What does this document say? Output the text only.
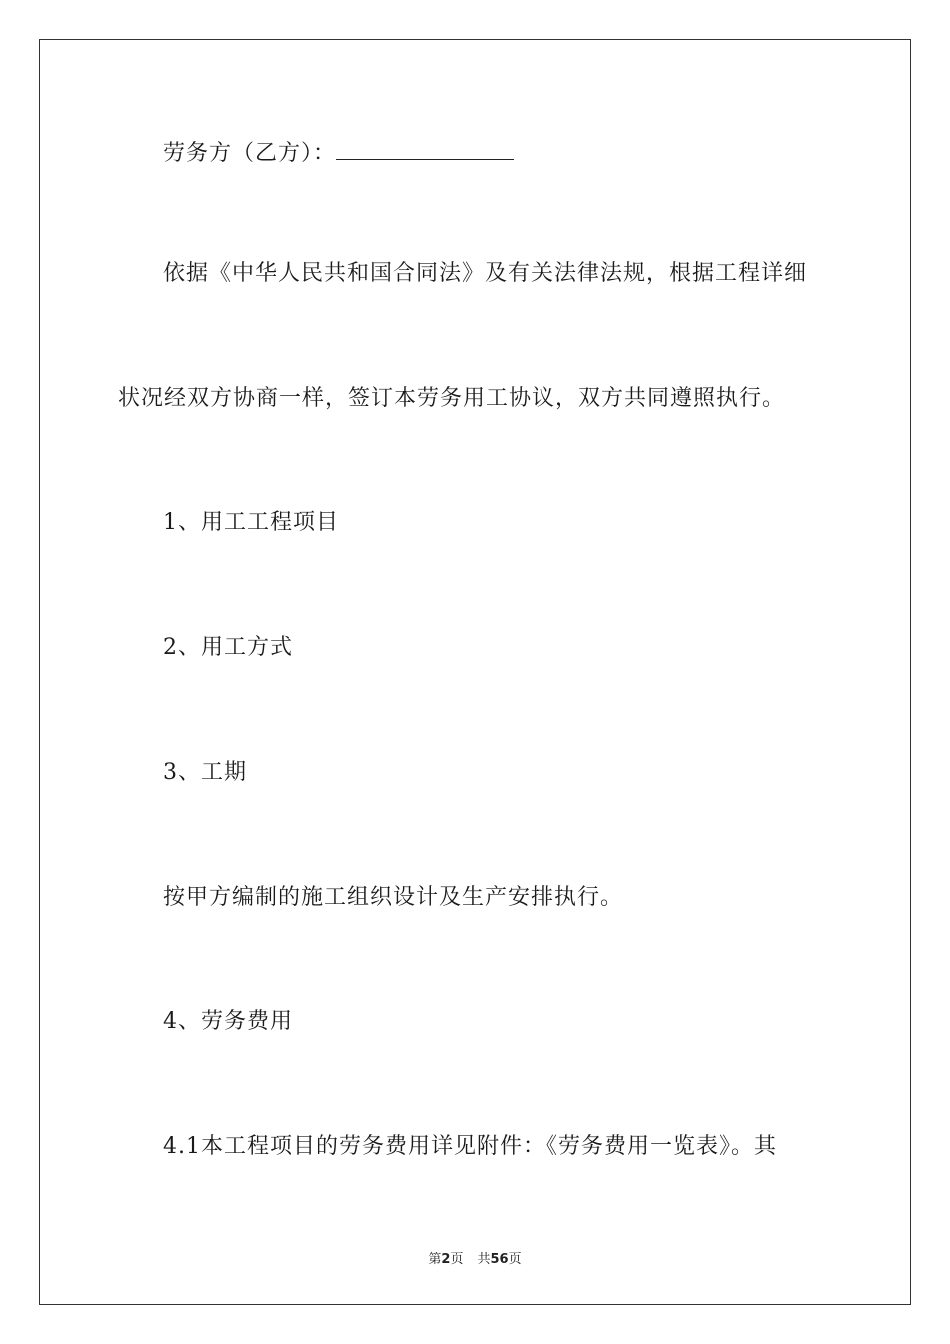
劳务方（乙方）：
依据《中华人民共和国合同法》及有关法律法规，根据工程详细
状况经双方协商一样，签订本劳务用工协议，双方共同遵照执行。
1、用工工程项目
2、用工方式
3、工期
按甲方编制的施工组织设计及生产安排执行。
4、劳务费用
4.1本工程项目的劳务费用详见附件：《劳务费用一览表》。其
第2页 共56页
